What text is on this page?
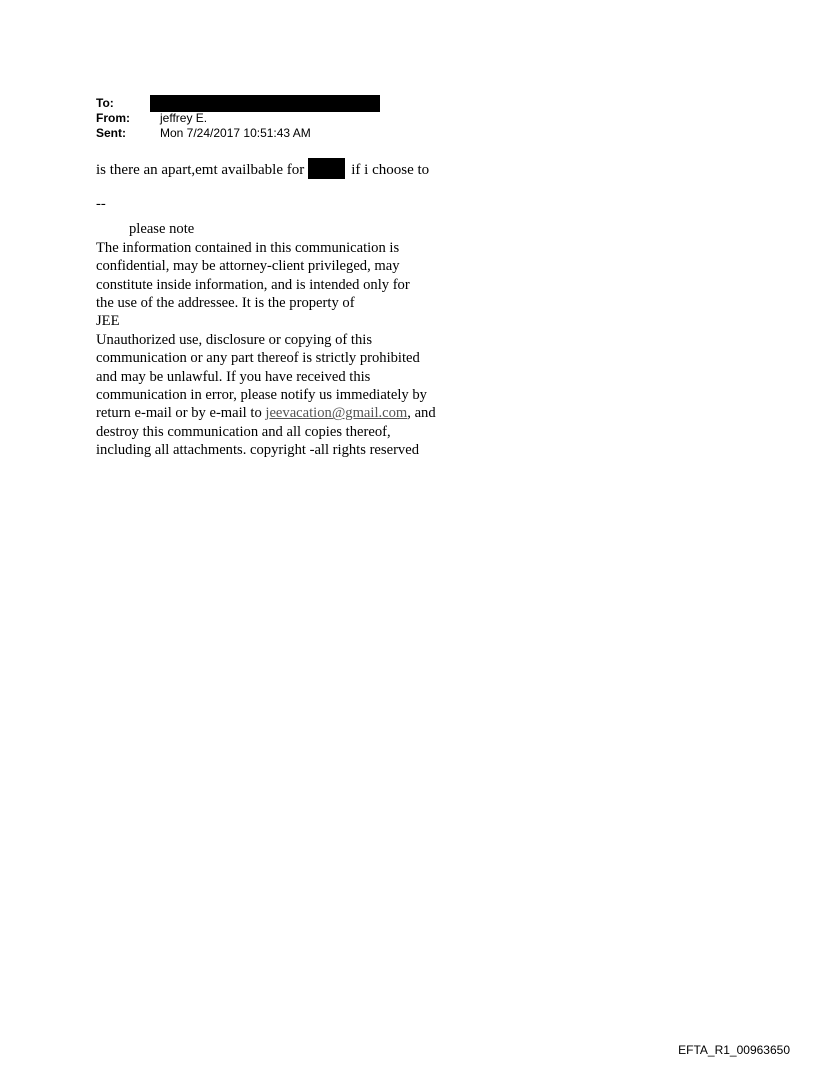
To:
From:	jeffrey E.
Sent:	Mon 7/24/2017 10:51:43 AM
is there an apart,emt availbable for	if i choose to
--
please note
The information contained in this communication is
confidential, may be attorney-client privileged, may
constitute inside information, and is intended only for
the use of the addressee. It is the property of
JEE
Unauthorized use, disclosure or copying of this
communication or any part thereof is strictly prohibited
and may be unlawful. If you have received this
communication in error, please notify us immediately by
return e-mail or by e-mail to jeevacation@gmail.com, and
destroy this communication and all copies thereof,
including all attachments. copyright -all rights reserved
EFTA_R1_00963650
